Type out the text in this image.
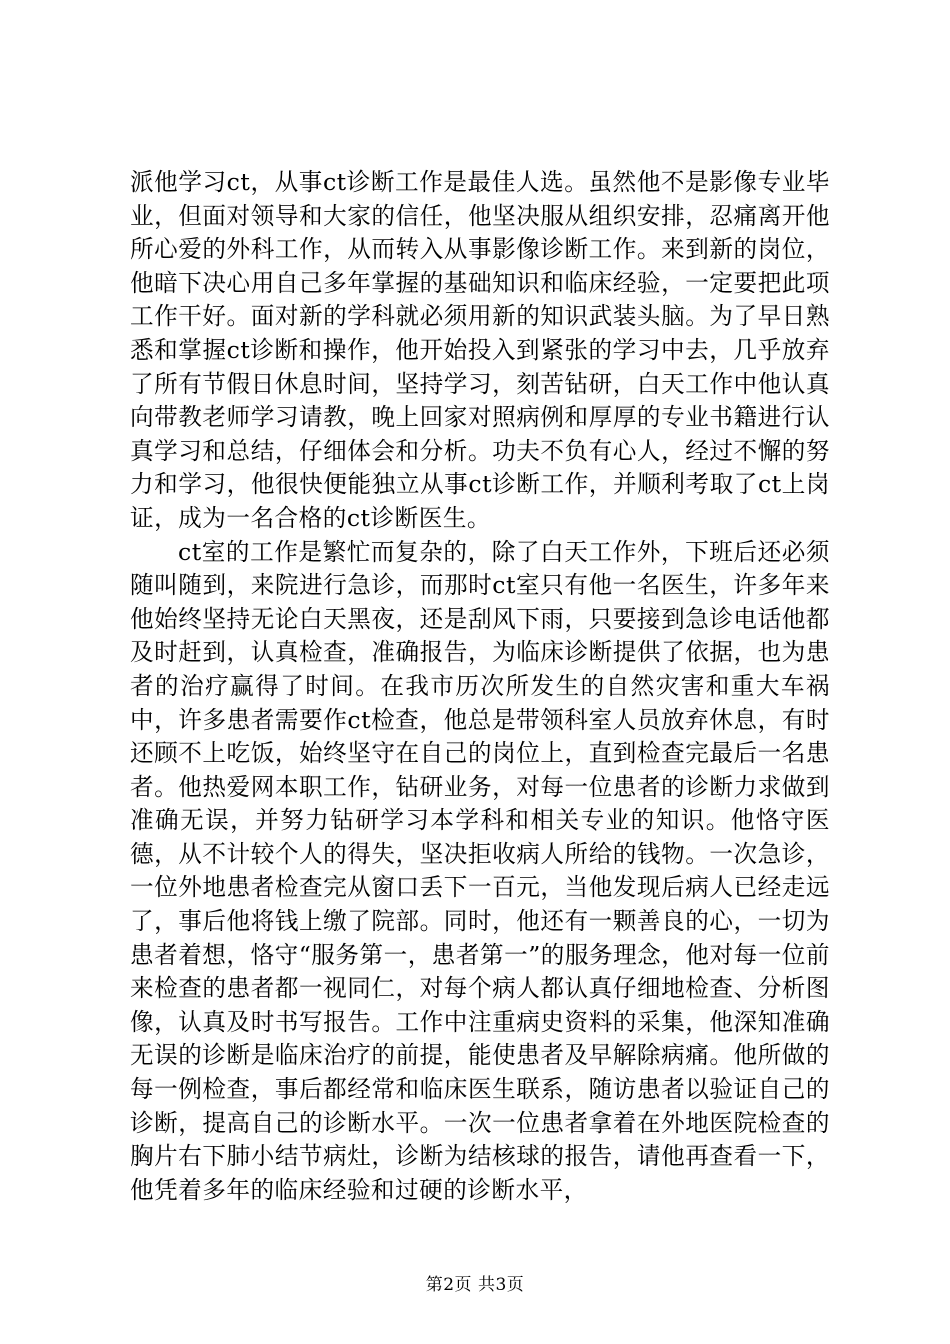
派他学习ct，从事ct诊断工作是最佳人选。虽然他不是影像专业毕业，但面对领导和大家的信任，他坚决服从组织安排，忍痛离开他所心爱的外科工作，从而转入从事影像诊断工作。来到新的岗位，他暗下决心用自己多年掌握的基础知识和临床经验，一定要把此项工作干好。面对新的学科就必须用新的知识武装头脑。为了早日熟悉和掌握ct诊断和操作，他开始投入到紧张的学习中去，几乎放弃了所有节假日休息时间，坚持学习，刻苦钻研，白天工作中他认真向带教老师学习请教，晚上回家对照病例和厚厚的专业书籍进行认真学习和总结，仔细体会和分析。功夫不负有心人，经过不懈的努力和学习，他很快便能独立从事ct诊断工作，并顺利考取了ct上岗证，成为一名合格的ct诊断医生。

ct室的工作是繁忙而复杂的，除了白天工作外，下班后还必须随叫随到，来院进行急诊，而那时ct室只有他一名医生，许多年来他始终坚持无论白天黑夜，还是刮风下雨，只要接到急诊电话他都及时赶到，认真检查，准确报告，为临床诊断提供了依据，也为患者的治疗赢得了时间。在我市历次所发生的自然灾害和重大车祸中，许多患者需要作ct检查，他总是带领科室人员放弃休息，有时还顾不上吃饭，始终坚守在自己的岗位上，直到检查完最后一名患者。他热爱网本职工作，钻研业务，对每一位患者的诊断力求做到准确无误，并努力钻研学习本学科和相关专业的知识。他恪守医德，从不计较个人的得失，坚决拒收病人所给的钱物。一次急诊，一位外地患者检查完从窗口丢下一百元，当他发现后病人已经走远了，事后他将钱上缴了院部。同时，他还有一颗善良的心，一切为患者着想，恪守“服务第一，患者第一”的服务理念，他对每一位前来检查的患者都一视同仁，对每个病人都认真仔细地检查、分析图像，认真及时书写报告。工作中注重病史资料的采集，他深知准确无误的诊断是临床治疗的前提，能使患者及早解除病痛。他所做的每一例检查，事后都经常和临床医生联系，随访患者以验证自己的诊断，提高自己的诊断水平。一次一位患者拿着在外地医院检查的胸片右下肺小结节病灶，诊断为结核球的报告，请他再查看一下，他凭着多年的临床经验和过硬的诊断水平，

第2页 共3页
